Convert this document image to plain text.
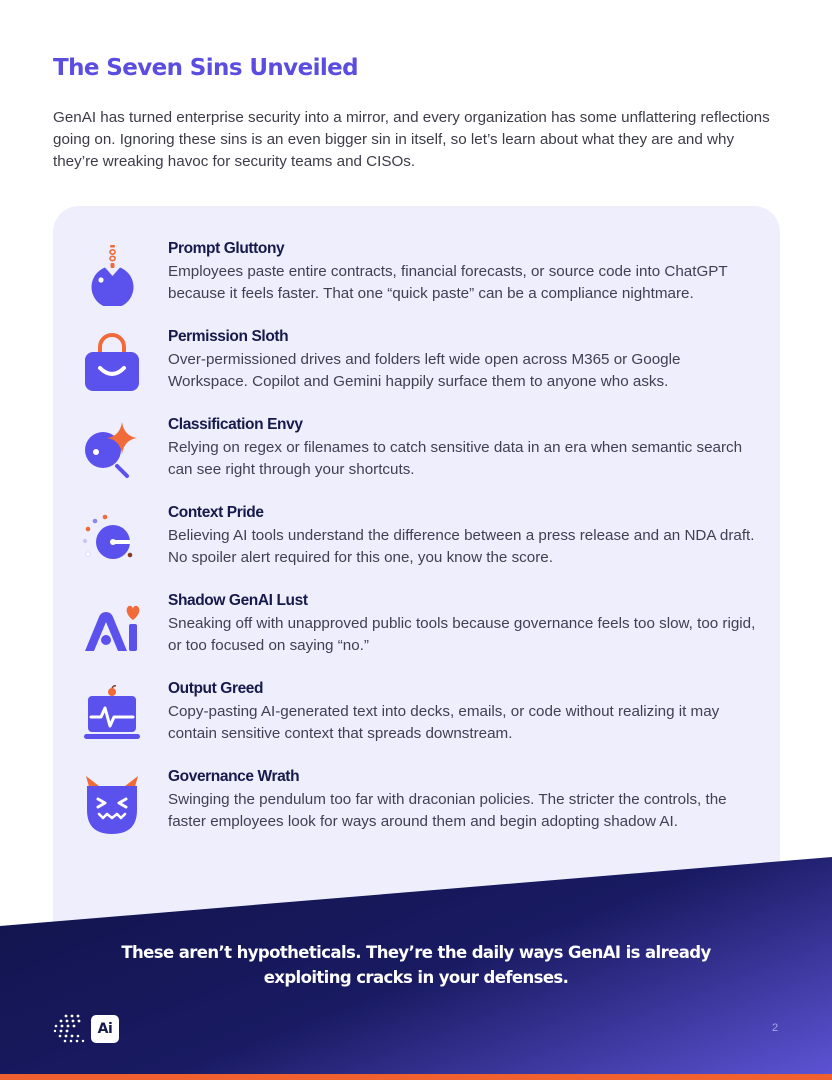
The Seven Sins Unveiled

GenAI has turned enterprise security into a mirror, and every organization has some unflattering reflections going on. Ignoring these sins is an even bigger sin in itself, so let’s learn about what they are and why they’re wreaking havoc for security teams and CISOs.

Prompt Gluttony
Employees paste entire contracts, financial forecasts, or source code into ChatGPT because it feels faster. That one “quick paste” can be a compliance nightmare.
Permission Sloth
Over-permissioned drives and folders left wide open across M365 or Google Workspace. Copilot and Gemini happily surface them to anyone who asks.
Classification Envy
Relying on regex or filenames to catch sensitive data in an era when semantic search can see right through your shortcuts.
Context Pride
Believing AI tools understand the difference between a press release and an NDA draft. No spoiler alert required for this one, you know the score.
Shadow GenAI Lust
Sneaking off with unapproved public tools because governance feels too slow, too rigid, or too focused on saying “no.”
Output Greed
Copy-pasting AI-generated text into decks, emails, or code without realizing it may contain sensitive context that spreads downstream.
Governance Wrath
Swinging the pendulum too far with draconian policies. The stricter the controls, the faster employees look for ways around them and begin adopting shadow AI.
These aren’t hypotheticals. They’re the daily ways GenAI is already
exploiting cracks in your defenses.
Ai	2
